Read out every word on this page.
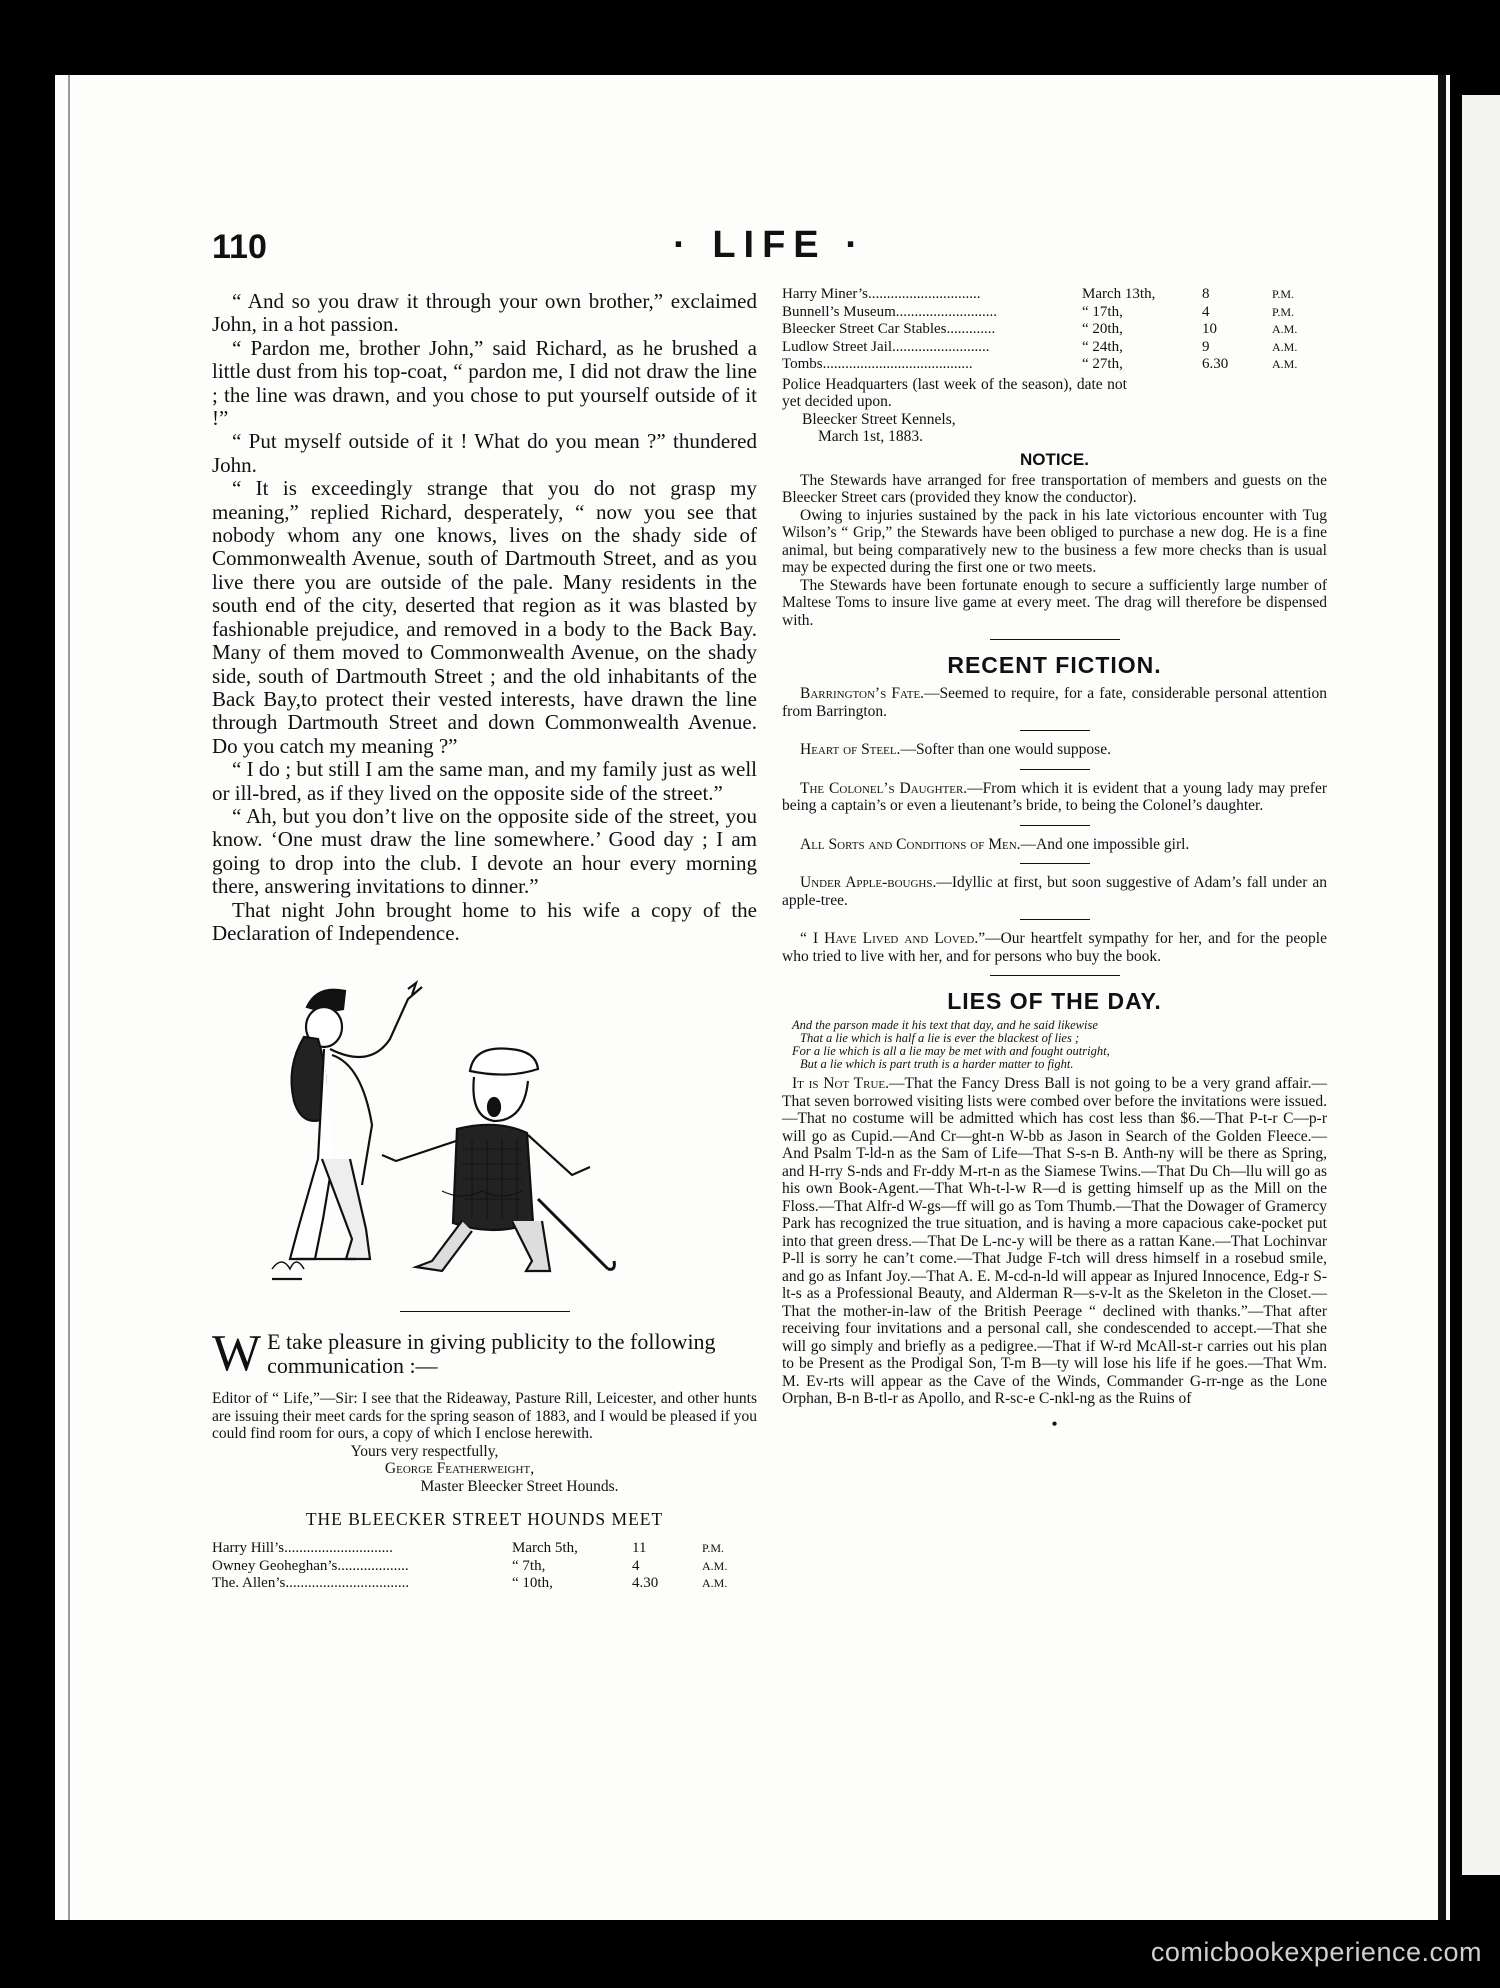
110	· LIFE ·

“ And so you draw it through your own brother,” exclaimed John, in a hot passion.

“ Pardon me, brother John,” said Richard, as he brushed a little dust from his top-coat, “ pardon me, I did not draw the line ; the line was drawn, and you chose to put yourself outside of it !”

“ Put myself outside of it ! What do you mean ?” thundered John.

“ It is exceedingly strange that you do not grasp my meaning,” replied Richard, desperately, “ now you see that nobody whom any one knows, lives on the shady side of Commonwealth Avenue, south of Dartmouth Street, and as you live there you are outside of the pale. Many residents in the south end of the city, deserted that region as it was blasted by fashionable prejudice, and removed in a body to the Back Bay. Many of them moved to Commonwealth Avenue, on the shady side, south of Dartmouth Street ; and the old inhabitants of the Back Bay,to protect their vested interests, have drawn the line through Dartmouth Street and down Commonwealth Avenue. Do you catch my meaning ?”

“ I do ; but still I am the same man, and my family just as well or ill-bred, as if they lived on the opposite side of the street.”

“ Ah, but you don’t live on the opposite side of the street, you know. ‘One must draw the line somewhere.’ Good day ; I am going to drop into the club. I devote an hour every morning there, answering invitations to dinner.”

That night John brought home to his wife a copy of the Declaration of Independence.

W E take pleasure in giving publicity to the following communication :—

Editor of “ Life,”—Sir: I see that the Rideaway, Pasture Rill, Leicester, and other hunts are issuing their meet cards for the spring season of 1883, and I would be pleased if you could find room for ours, a copy of which I enclose herewith.

Yours very respectfully,
George Featherweight,
Master Bleecker Street Hounds.
THE BLEECKER STREET HOUNDS MEET
Harry Hill’s.............................	March 5th,	11	P.M.
Owney Geoheghan’s...................	“ 7th,	4	A.M.
The. Allen’s.................................	“ 10th,	4.30	A.M.
Harry Miner’s..............................	March 13th,	8	P.M.
Bunnell’s Museum...........................	“ 17th,	4	P.M.
Bleecker Street Car Stables.............	“ 20th,	10	A.M.
Ludlow Street Jail..........................	“ 24th,	9	A.M.
Tombs........................................	“ 27th,	6.30	A.M.
Police Headquarters (last week of the season), date not yet decided upon.
Bleecker Street Kennels,
March 1st, 1883.
NOTICE.

The Stewards have arranged for free transportation of members and guests on the Bleecker Street cars (provided they know the conductor).

Owing to injuries sustained by the pack in his late victorious encounter with Tug Wilson’s “ Grip,” the Stewards have been obliged to purchase a new dog. He is a fine animal, but being comparatively new to the business a few more checks than is usual may be expected during the first one or two meets.

The Stewards have been fortunate enough to secure a sufficiently large number of Maltese Toms to insure live game at every meet. The drag will therefore be dispensed with.

RECENT FICTION.

Barrington’s Fate.—Seemed to require, for a fate, considerable personal attention from Barrington.

Heart of Steel.—Softer than one would suppose.

The Colonel’s Daughter.—From which it is evident that a young lady may prefer being a captain’s or even a lieutenant’s bride, to being the Colonel’s daughter.

All Sorts and Conditions of Men.—And one impossible girl.

Under Apple-boughs.—Idyllic at first, but soon suggestive of Adam’s fall under an apple-tree.

“ I Have Lived and Loved.”—Our heartfelt sympathy for her, and for the people who tried to live with her, and for persons who buy the book.

LIES OF THE DAY.
And the parson made it his text that day, and he said likewise
That a lie which is half a lie is ever the blackest of lies ;
For a lie which is all a lie may be met with and fought outright,
But a lie which is part truth is a harder matter to fight.

It is Not True.—That the Fancy Dress Ball is not going to be a very grand affair.—That seven borrowed visiting lists were combed over before the invitations were issued.—That no costume will be admitted which has cost less than $6.—That P-t-r C—p-r will go as Cupid.—And Cr—ght-n W-bb as Jason in Search of the Golden Fleece.—And Psalm T-ld-n as the Sam of Life—That S-s-n B. Anth-ny will be there as Spring, and H-rry S-nds and Fr-ddy M-rt-n as the Siamese Twins.—That Du Ch—llu will go as his own Book-Agent.—That Wh-t-l-w R—d is getting himself up as the Mill on the Floss.—That Alfr-d W-gs—ff will go as Tom Thumb.—That the Dowager of Gramercy Park has recognized the true situation, and is having a more capacious cake-pocket put into that green dress.—That De L-nc-y will be there as a rattan Kane.—That Lochinvar P-ll is sorry he can’t come.—That Judge F-tch will dress himself in a rosebud smile, and go as Infant Joy.—That A. E. M-cd-n-ld will appear as Injured Innocence, Edg-r S-lt-s as a Professional Beauty, and Alderman R—s-v-lt as the Skeleton in the Closet.—That the mother-in-law of the British Peerage “ declined with thanks.”—That after receiving four invitations and a personal call, she condescended to accept.—That she will go simply and briefly as a pedigree.—That if W-rd McAll-st-r carries out his plan to be Present as the Prodigal Son, T-m B—ty will lose his life if he goes.—That Wm. M. Ev-rts will appear as the Cave of the Winds, Commander G-rr-nge as the Lone Orphan, B-n B-tl-r as Apollo, and R-sc-e C-nkl-ng as the Ruins of

•
comicbookexperience.com
